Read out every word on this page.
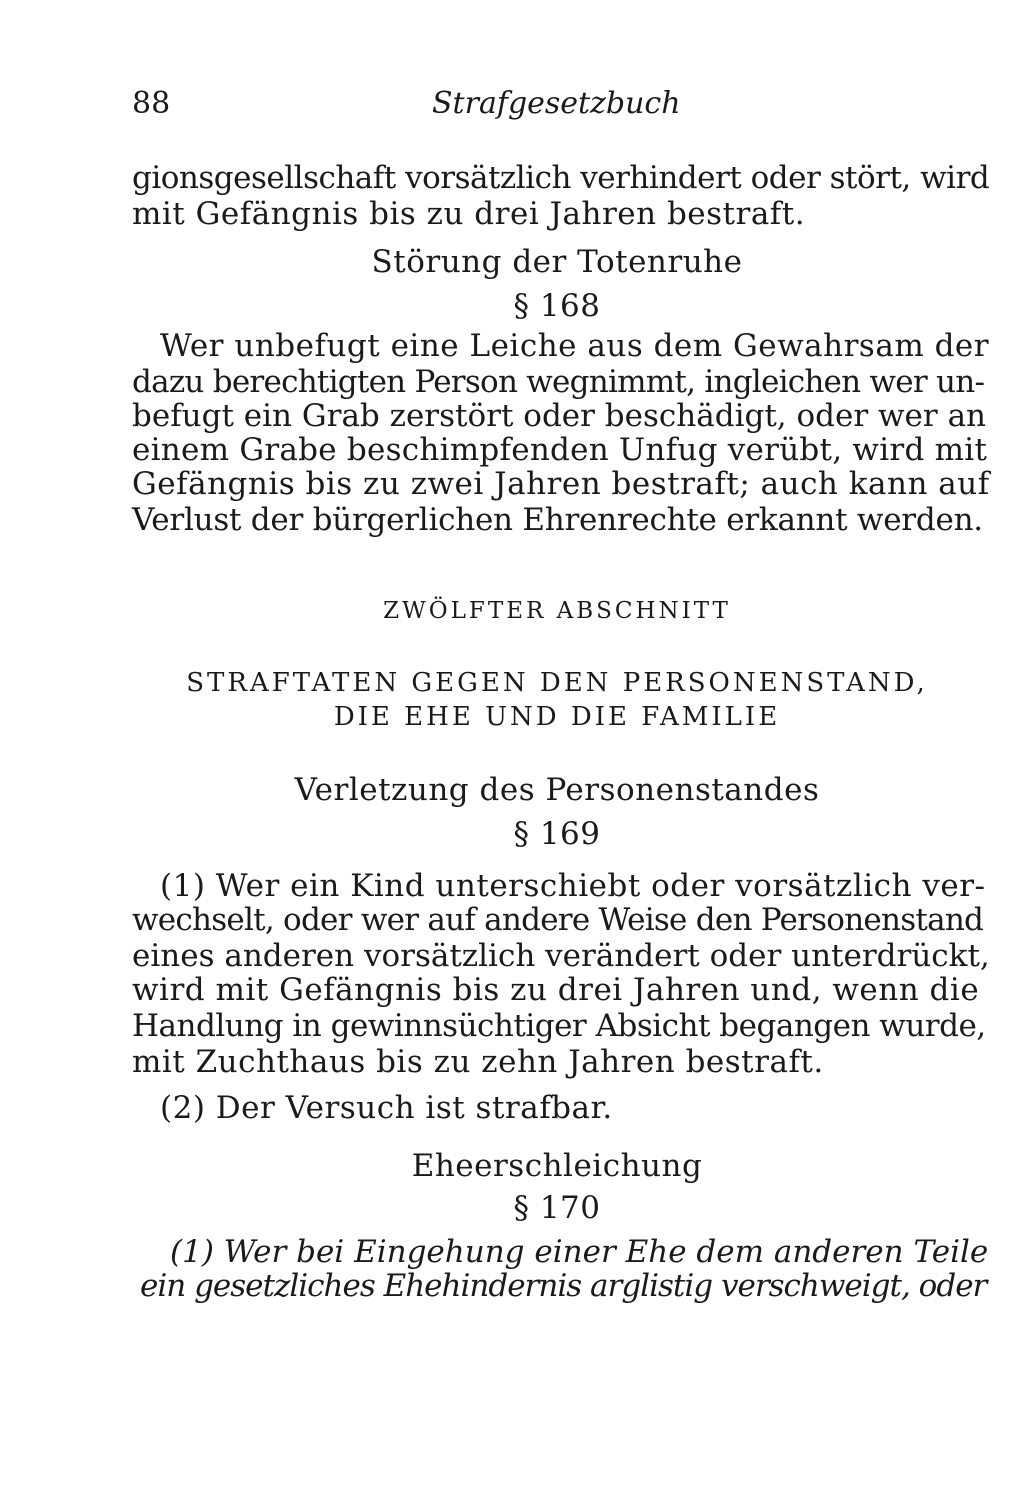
88	Strafgesetzbuch
gionsgesellschaft vorsätzlich verhindert oder stört, wird
mit Gefängnis bis zu drei Jahren bestraft.
Störung der Totenruhe
§ 168
Wer unbefugt eine Leiche aus dem Gewahrsam der
dazu berechtigten Person wegnimmt, ingleichen wer un-
befugt ein Grab zerstört oder beschädigt, oder wer an
einem Grabe beschimpfenden Unfug verübt, wird mit
Gefängnis bis zu zwei Jahren bestraft; auch kann auf
Verlust der bürgerlichen Ehrenrechte erkannt werden.
ZWÖLFTER ABSCHNITT
STRAFTATEN GEGEN DEN PERSONENSTAND,
DIE EHE UND DIE FAMILIE
Verletzung des Personenstandes
§ 169
(1) Wer ein Kind unterschiebt oder vorsätzlich ver-
wechselt, oder wer auf andere Weise den Personenstand
eines anderen vorsätzlich verändert oder unterdrückt,
wird mit Gefängnis bis zu drei Jahren und, wenn die
Handlung in gewinnsüchtiger Absicht begangen wurde,
mit Zuchthaus bis zu zehn Jahren bestraft.
(2) Der Versuch ist strafbar.
Eheerschleichung
§ 170
(1) Wer bei Eingehung einer Ehe dem anderen Teile
ein gesetzliches Ehehindernis arglistig verschweigt, oder
